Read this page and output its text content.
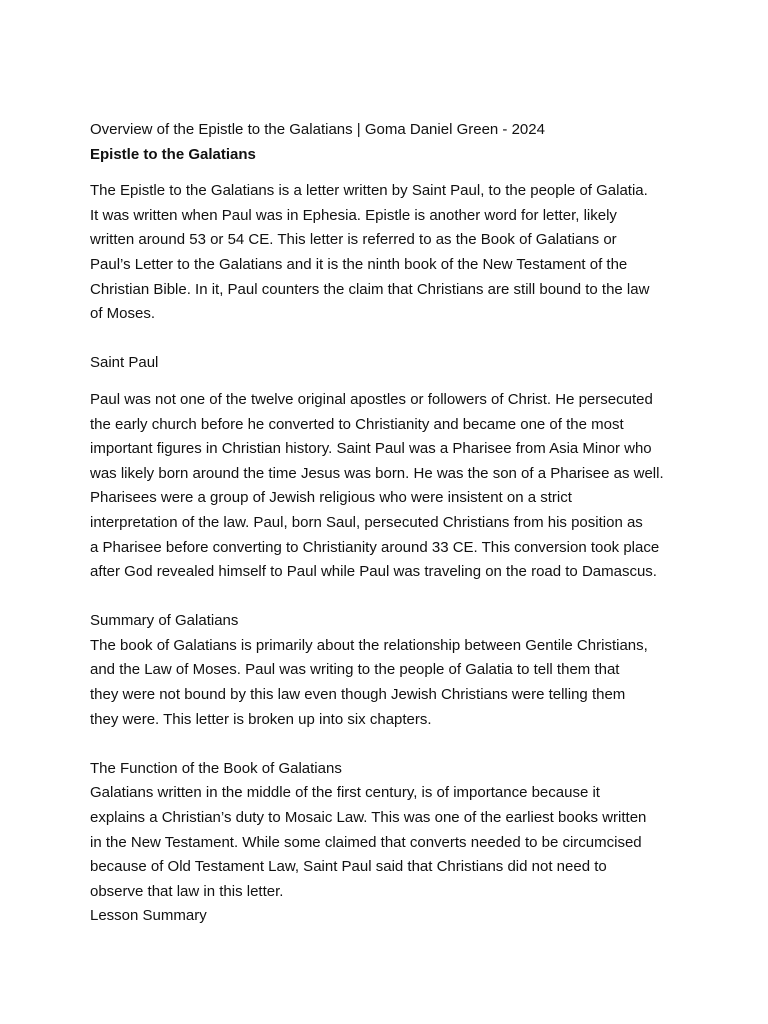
Overview of the Epistle to the Galatians | Goma Daniel Green - 2024
Epistle to the Galatians
The Epistle to the Galatians is a letter written by Saint Paul, to the people of Galatia.
It was written when Paul was in Ephesia. Epistle is another word for letter, likely
written around 53 or 54 CE. This letter is referred to as the Book of Galatians or
Paul’s Letter to the Galatians and it is the ninth book of the New Testament of the
Christian Bible. In it, Paul counters the claim that Christians are still bound to the law
of Moses.
Saint Paul
Paul was not one of the twelve original apostles or followers of Christ. He persecuted
the early church before he converted to Christianity and became one of the most
important figures in Christian history. Saint Paul was a Pharisee from Asia Minor who
was likely born around the time Jesus was born. He was the son of a Pharisee as well.
Pharisees were a group of Jewish religious who were insistent on a strict
interpretation of the law. Paul, born Saul, persecuted Christians from his position as
a Pharisee before converting to Christianity around 33 CE. This conversion took place
after God revealed himself to Paul while Paul was traveling on the road to Damascus.
Summary of Galatians
The book of Galatians is primarily about the relationship between Gentile Christians,
and the Law of Moses. Paul was writing to the people of Galatia to tell them that
they were not bound by this law even though Jewish Christians were telling them
they were. This letter is broken up into six chapters.
The Function of the Book of Galatians
Galatians written in the middle of the first century, is of importance because it
explains a Christian’s duty to Mosaic Law. This was one of the earliest books written
in the New Testament. While some claimed that converts needed to be circumcised
because of Old Testament Law, Saint Paul said that Christians did not need to
observe that law in this letter.
Lesson Summary
